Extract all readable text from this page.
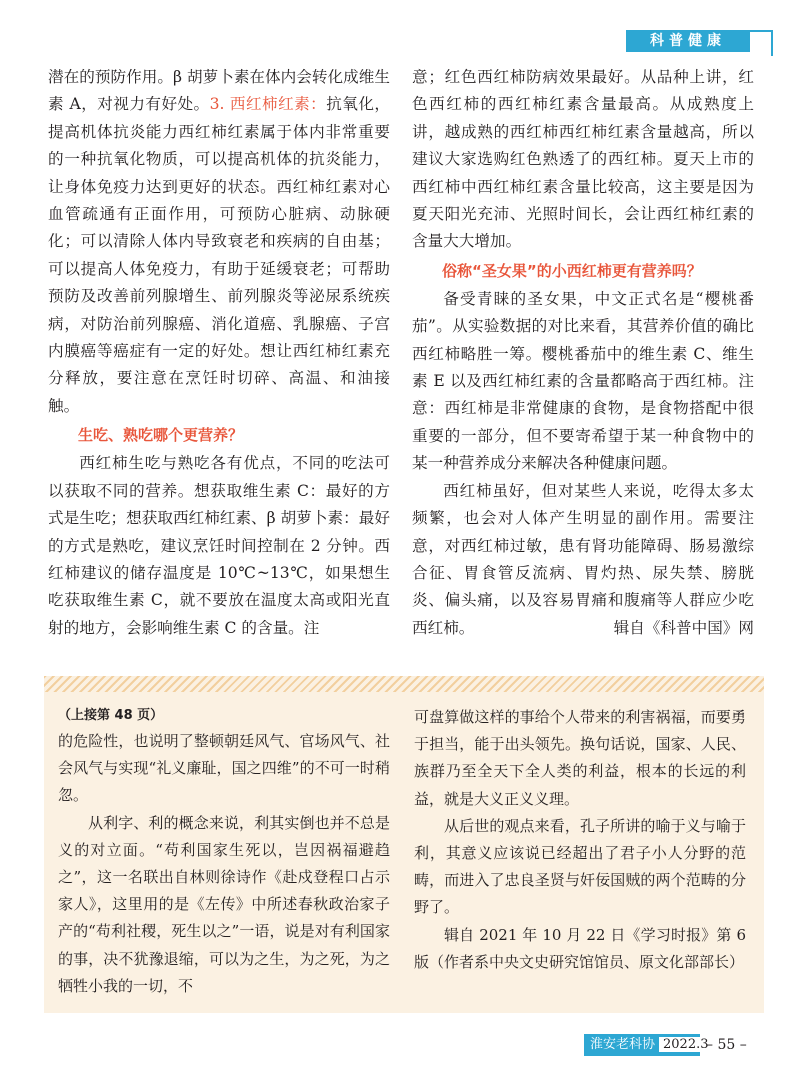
科普健康

潜在的预防作用。β 胡萝卜素在体内会转化成维生素 A，对视力有好处。3. 西红柿红素：抗氧化，提高机体抗炎能力西红柿红素属于体内非常重要的一种抗氧化物质，可以提高机体的抗炎能力，让身体免疫力达到更好的状态。西红柿红素对心血管疏通有正面作用，可预防心脏病、动脉硬化；可以清除人体内导致衰老和疾病的自由基；可以提高人体免疫力，有助于延缓衰老；可帮助预防及改善前列腺增生、前列腺炎等泌尿系统疾病，对防治前列腺癌、消化道癌、乳腺癌、子宫内膜癌等癌症有一定的好处。想让西红柿红素充分释放，要注意在烹饪时切碎、高温、和油接触。

生吃、熟吃哪个更营养？

西红柿生吃与熟吃各有优点，不同的吃法可以获取不同的营养。想获取维生素 C：最好的方式是生吃；想获取西红柿红素、β 胡萝卜素：最好的方式是熟吃，建议烹饪时间控制在 2 分钟。西红柿建议的储存温度是 10℃~13℃，如果想生吃获取维生素 C，就不要放在温度太高或阳光直射的地方，会影响维生素 C 的含量。注

意；红色西红柿防病效果最好。从品种上讲，红色西红柿的西红柿红素含量最高。从成熟度上讲，越成熟的西红柿西红柿红素含量越高，所以建议大家选购红色熟透了的西红柿。夏天上市的西红柿中西红柿红素含量比较高，这主要是因为夏天阳光充沛、光照时间长，会让西红柿红素的含量大大增加。

俗称“圣女果”的小西红柿更有营养吗？

备受青睐的圣女果，中文正式名是“樱桃番茄”。从实验数据的对比来看，其营养价值的确比西红柿略胜一筹。樱桃番茄中的维生素 C、维生素 E 以及西红柿红素的含量都略高于西红柿。注意：西红柿是非常健康的食物，是食物搭配中很重要的一部分，但不要寄希望于某一种食物中的某一种营养成分来解决各种健康问题。

西红柿虽好，但对某些人来说，吃得太多太频繁，也会对人体产生明显的副作用。需要注意，对西红柿过敏，患有肾功能障碍、肠易激综合征、胃食管反流病、胃灼热、尿失禁、膀胱炎、偏头痛，以及容易胃痛和腹痛等人群应少吃西红柿。	辑自《科普中国》网

（上接第 48 页）

的危险性，也说明了整顿朝廷风气、官场风气、社会风气与实现“礼义廉耻，国之四维”的不可一时稍忽。

从利字、利的概念来说，利其实倒也并不总是义的对立面。“苟利国家生死以，岂因祸福避趋之”，这一名联出自林则徐诗作《赴戍登程口占示家人》，这里用的是《左传》中所述春秋政治家子产的“苟利社稷，死生以之”一语，说是对有利国家的事，决不犹豫退缩，可以为之生，为之死，为之牺牲小我的一切，不

可盘算做这样的事给个人带来的利害祸福，而要勇于担当，能于出头领先。换句话说，国家、人民、族群乃至全天下全人类的利益，根本的长远的利益，就是大义正义义理。

从后世的观点来看，孔子所讲的喻于义与喻于利，其意义应该说已经超出了君子小人分野的范畴，而进入了忠良圣贤与奸佞国贼的两个范畴的分野了。

辑自 2021 年 10 月 22 日《学习时报》第 6 版（作者系中央文史研究馆馆员、原文化部部长）

淮安老科协 2022.3
– 55 –
